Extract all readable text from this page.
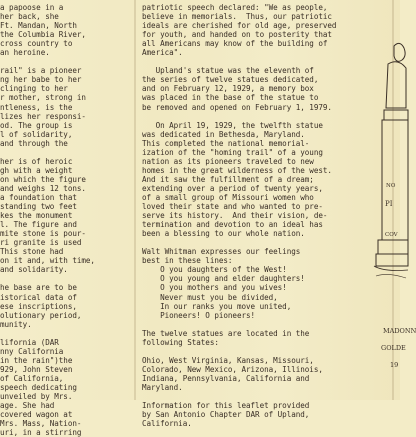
a papoose in a
her back, she
Ft. Mandan, North
the Columbia River,
cross country to
an heroine.
rail" is a pioneer
ng her babe to her
clinging to her
r mother, strong in
ntleness, is the
lizes her responsi-
od. The group is
l of solidarity,
and through the
her is of heroic
gh with a weight
on which the figure
and weighs 12 tons.
a foundation that
standing two feet
kes the monument
l. The figure and
mite stone is pour-
ri granite is used
This stone had
on it and, with time,
and solidarity.
he base are to be
istorical data of
ese inscriptions,
olutionary period,
munity.
lifornia (DAR
nny California
in the rain")the
929, John Steven
of California,
speech dedicating
unveiled by Mrs.
age. She had
covered wagon at
Mrs. Mass, Nation-
uri, in a stirring
patriotic speech declared: "We as people,
believe in memorials.  Thus, our patriotic
ideals are cherished for old age, preserved
for youth, and handed on to posterity that
all Americans may know of the building of
America".
Upland's statue was the eleventh of
the series of twelve statues dedicated,
and on February 12, 1929, a memory box
was placed in the base of the statue to
be removed and opened on February 1, 1979.
On April 19, 1929, the twelfth statue
was dedicated in Bethesda, Maryland.
This completed the national memorial-
ization of the "homing trail" of a young
nation as its pioneers traveled to new
homes in the great wilderness of the west.
And it saw the fulfillment of a dream;
extending over a period of twenty years,
of a small group of Missouri women who
loved their state and who wanted to pre-
serve its history.  And their vision, de-
termination and devotion to an ideal has
been a blessing to our whole nation.
Walt Whitman expresses our feelings
best in these lines:
O you daughters of the West!
O you young and elder daughters!
O you mothers and you wives!
Never must you be divided,
In our ranks you move united,
Pioneers! O pioneers!
The twelve statues are located in the
following States:
Ohio, West Virginia, Kansas, Missouri,
Colorado, New Mexico, Arizona, Illinois,
Indiana, Pennsylvania, California and
Maryland.
Information for this leaflet provided
by San Antonio Chapter DAR of Upland,
California.
NO
PI
COV
MADONN
GOLDE
19
